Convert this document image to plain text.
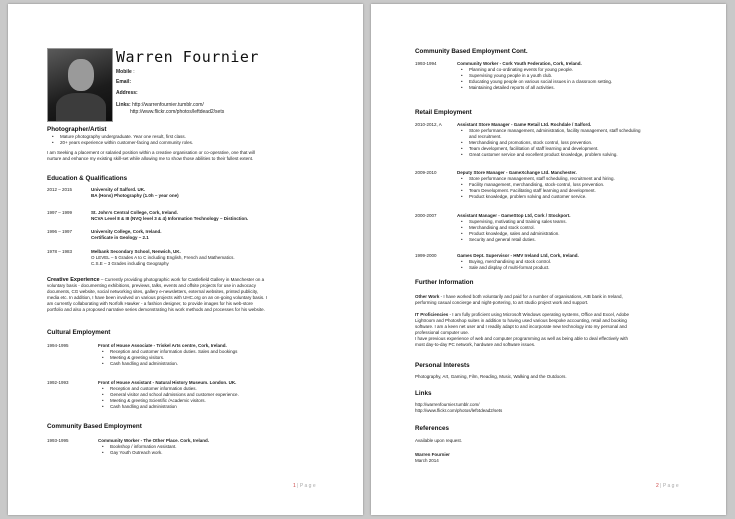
Warren Fournier
Mobile :
Email:
Address:
Links: http://warrenfournier.tumblr.com/
http://www.flickr.com/photos/leftdead2/sets
Photographer/Artist
• Mature photography undergraduate. Year one result, first class.
• 20+ years experience within customer-facing and community roles.
I am Seeking a placement or salaried position within a creative organisation or co-operative, one that will
nurture and enhance my existing skill-set while allowing me to show those abilities to their fullest extent.
Education & Qualifications
2012 – 2015	University of Salford. UK.
BA (Hons) Photography (1.0h – year one)
1997 – 1999	St. John’s Central College, Cork, Ireland.
NCVA Level 8 & III (NVQ level 3 & 4) Information Technology – Distinction.
1996 – 1997	University College, Cork, Ireland.
Certificate in Geology – 2.1
1978 – 1983	Melbank Secondary School, Nenwich, UK.
O LEVEL – 5 Grades A to C including English, French and Mathematics.
C.S.E – 3 Grades including Geography
Creative Experience – Currently providing photographic work for Castlefield Gallery in Manchester on a
voluntary basis - documenting exhibitions, previews, talks, events and offsite projects for use in advocacy
documents, CG website, social networking sites, gallery e-newsletters, external websites, printed publicity,
media etc. In addition, I have been involved on various projects with UHC.org on an on-going voluntary basis. I
am currently collaborating with Norfolk Hawker - a fashion designer, to provide images for his web-store
portfolio and also a proposed narrative series demonstrating his work methods and processes for his website.
Cultural Employment
1994-1995	Front of House Associate - Triskel Arts centre, Cork, Ireland.
• Reception and customer information duties. Sales and bookings
• Meeting & greeting visitors.
• Cash handling and administration.
1992-1993	Front of House Assistant - Natural History Museum. London. UK.
• Reception and customer information duties.
• General visitor and school admissions and customer experience.
• Meeting & greeting Scientific /Academic visitors.
• Cash handling and administration
Community Based Employment
1993-1995	Community Worker - The Other Place. Cork, Ireland.
• Bookshop / information Assistant.
• Gay Youth Outreach work.
1 | P a g e
Community Based Employment Cont.
1993-1994	Community Worker - Cork Youth Federation, Cork, Ireland.
• Planning and co-ordinating events for young people.
• Supervising young people in a youth club.
• Educating young people on various social issues in a classroom setting.
• Maintaining detailed reports of all activities.
Retail Employment
2010-2012, A	Assistant Store Manager - Game Retail Ltd. Rochdale / Salford.
• Store performance management, administration, facility management, staff scheduling
and recruitment.
• Merchandising and promotions, stock control, loss prevention.
• Team development, facilitation of staff learning and development.
• Great customer service and excellent product knowledge, problem solving.
2009-2010	Deputy Store Manager - GameXchange Ltd. Manchester.
• Store performance management, staff scheduling, recruitment and hiring.
• Facility management, merchandising, stock-control, loss prevention.
• Team Development. Facilitating staff learning and development.
• Product knowledge, problem solving and customer service.
2000-2007	Assistant Manager - GameStop Ltd, Cork / Stockport.
• Supervising, motivating and training sales teams.
• Merchandising and stock control.
• Product knowledge, sales and administration.
• Security and general retail duties.
1999-2000	Games Dept. Supervisor - HMV Ireland Ltd, Cork, Ireland.
• Buying, merchandising and stock control.
• Sale and display of multi-format product.
Further Information
Other Work - I have worked both voluntarily and paid for a number of organisations, AIB bank in Ireland,
performing casual concierge and night-portering, to art studio project work and support.
IT Proficiencies - I am fully proficient using Microsoft Windows operating systems, Office and Excel, Adobe
Lightroom and Photoshop suites in addition to having used various bespoke accounting, retail and booking
software. I am a keen net user and I readily adapt to and incorporate new technology into my personal and
professional computer use.
I have previous experience of web and computer programming as well as being able to deal effectively with
most day-to-day PC network, hardware and software issues.
Personal Interests
Photography, Art, Gaming, Film, Reading, Music, Walking and the Outdoors.
Links
http://warrenfournier.tumblr.com/
http://www.flickr.com/photos/left4dead2/sets
References
Available upon request.
Warren Fournier
March 2014
2 | P a g e
